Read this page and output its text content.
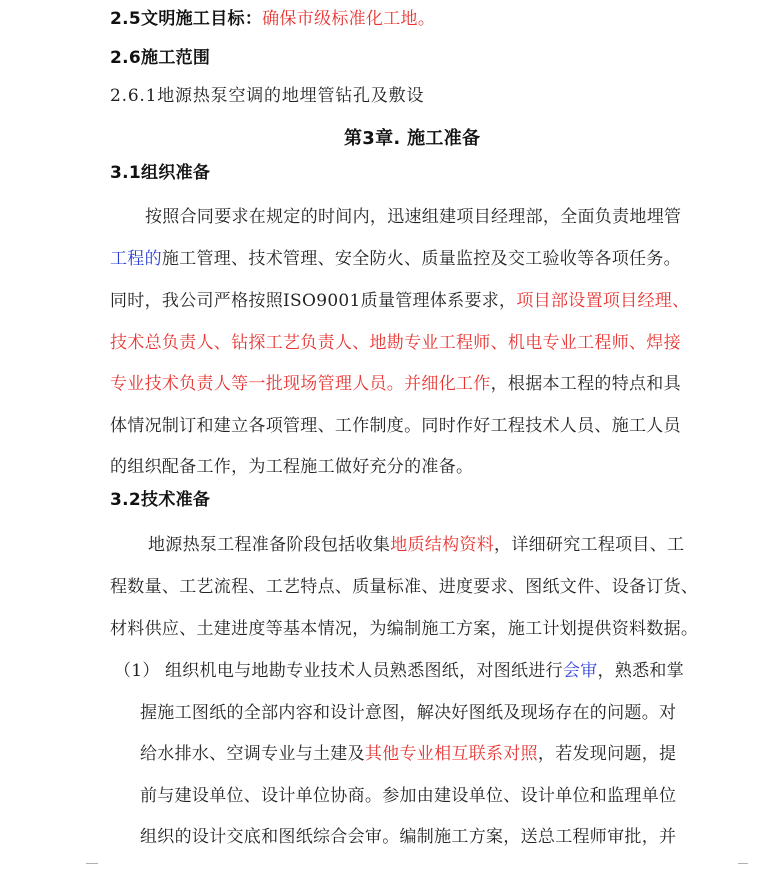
2.5文明施工目标：确保市级标准化工地。
2.6施工范围
2.6.1地源热泵空调的地埋管钻孔及敷设
第3章. 施工准备
3.1组织准备
按照合同要求在规定的时间内，迅速组建项目经理部，全面负责地埋管
工程的施工管理、技术管理、安全防火、质量监控及交工验收等各项任务。
同时，我公司严格按照ISO9001质量管理体系要求，项目部设置项目经理、
技术总负责人、钻探工艺负责人、地勘专业工程师、机电专业工程师、焊接
专业技术负责人等一批现场管理人员。并细化工作，根据本工程的特点和具
体情况制订和建立各项管理、工作制度。同时作好工程技术人员、施工人员
的组织配备工作，为工程施工做好充分的准备。
3.2技术准备
地源热泵工程准备阶段包括收集地质结构资料，详细研究工程项目、工
程数量、工艺流程、工艺特点、质量标准、进度要求、图纸文件、设备订货、
材料供应、土建进度等基本情况，为编制施工方案，施工计划提供资料数据。
（1） 组织机电与地勘专业技术人员熟悉图纸，对图纸进行会审，熟悉和掌
握施工图纸的全部内容和设计意图，解决好图纸及现场存在的问题。对
给水排水、空调专业与土建及其他专业相互联系对照，若发现问题，提
前与建设单位、设计单位协商。参加由建设单位、设计单位和监理单位
组织的设计交底和图纸综合会审。编制施工方案，送总工程师审批，并
